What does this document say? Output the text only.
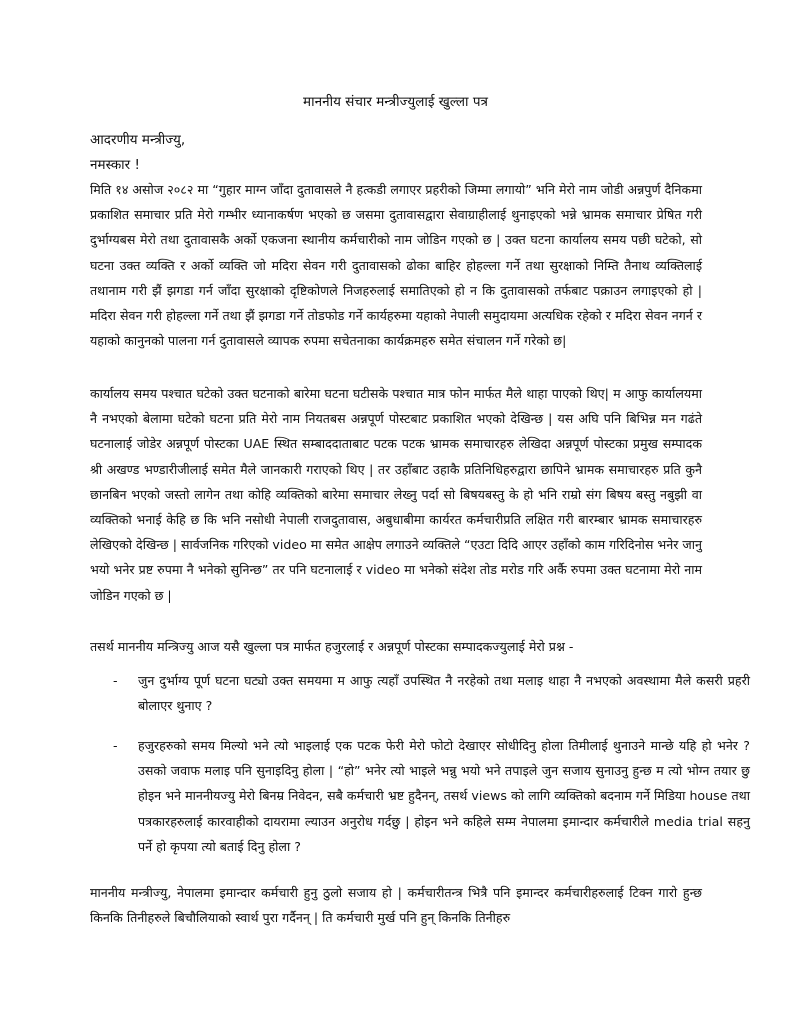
माननीय संचार मन्त्रीज्युलाई खुल्ला पत्र
आदरणीय मन्त्रीज्यु,
नमस्कार !
मिति १४ असोज २०८२ मा “गुहार माग्न जाँदा दुतावासले नै हत्कडी लगाएर प्रहरीको जिम्मा लगायो” भनि मेरो नाम जोडी अन्नपुर्ण दैनिकमा प्रकाशित समाचार प्रति मेरो गम्भीर ध्यानाकर्षण भएको छ जसमा दुतावासद्वारा सेवाग्राहीलाई थुनाइएको भन्ने भ्रामक समाचार प्रेषित गरी दुर्भाग्यबस मेरो तथा दुतावासकै अर्को एकजना स्थानीय कर्मचारीको नाम जोडिन गएको छ | उक्त घटना कार्यालय समय पछी घटेको, सो घटना उक्त व्यक्ति र अर्को व्यक्ति जो मदिरा सेवन गरी दुतावासको ढोका बाहिर होहल्ला गर्ने तथा सुरक्षाको निम्ति तैनाथ व्यक्तिलाई तथानाम गरी झैं झगडा गर्न जाँदा सुरक्षाको दृष्टिकोणले निजहरुलाई समातिएको हो न कि दुतावासको तर्फबाट पक्राउन लगाइएको हो | मदिरा सेवन गरी होहल्ला गर्ने तथा झैं झगडा गर्ने तोडफोड गर्ने कार्यहरुमा यहाको नेपाली समुदायमा अत्यधिक रहेको र मदिरा सेवन नगर्न र यहाको कानुनको पालना गर्न दुतावासले व्यापक रुपमा सचेतनाका कार्यक्रमहरु समेत संचालन गर्ने गरेको छ|
कार्यालय समय पश्चात घटेको उक्त घटनाको बारेमा घटना घटीसके पश्चात मात्र फोन मार्फत मैले थाहा पाएको थिए| म आफु कार्यालयमा नै नभएको बेलामा घटेको घटना प्रति मेरो नाम नियतबस अन्नपूर्ण पोस्टबाट प्रकाशित भएको देखिन्छ | यस अघि पनि बिभिन्न मन गढंते घटनालाई जोडेर अन्नपूर्ण पोस्टका UAE स्थित सम्बाददाताबाट पटक पटक भ्रामक समाचारहरु लेखिदा अन्नपूर्ण पोस्टका प्रमुख सम्पादक श्री अखण्ड भण्डारीजीलाई समेत मैले जानकारी गराएको थिए | तर उहाँबाट उहाकै प्रतिनिधिहरुद्वारा छापिने भ्रामक समाचारहरु प्रति कुनै छानबिन भएको जस्तो लागेन तथा कोहि व्यक्तिको बारेमा समाचार लेख्नु पर्दा सो बिषयबस्तु के हो भनि राम्रो संग बिषय बस्तु नबुझी वा व्यक्तिको भनाई केहि छ कि भनि नसोधी नेपाली राजदुतावास, अबुधाबीमा कार्यरत कर्मचारीप्रति लक्षित गरी बारम्बार भ्रामक समाचारहरु लेखिएको देखिन्छ | सार्वजनिक गरिएको video मा समेत आक्षेप लगाउने व्यक्तिले “एउटा दिदि आएर उहाँको काम गरिदिनोस भनेर जानु भयो भनेर प्रष्ट रुपमा नै भनेको सुनिन्छ” तर पनि घटनालाई र video मा भनेको संदेश तोड मरोड गरि अर्कै रुपमा उक्त घटनामा मेरो नाम जोडिन गएको छ |
तसर्थ माननीय मन्त्रिज्यु आज यसै खुल्ला पत्र मार्फत हजुरलाई र अन्नपूर्ण पोस्टका सम्पादकज्युलाई मेरो प्रश्न -
- जुन दुर्भाग्य पूर्ण घटना घट्यो उक्त समयमा म आफु त्यहाँ उपस्थित नै नरहेको तथा मलाइ थाहा नै नभएको अवस्थामा मैले कसरी प्रहरी बोलाएर थुनाए ?
- हजुरहरुको समय मिल्यो भने त्यो भाइलाई एक पटक फेरी मेरो फोटो देखाएर सोधीदिनु होला तिमीलाई थुनाउने मान्छे यहि हो भनेर ? उसको जवाफ मलाइ पनि सुनाइदिनु होला | “हो” भनेर त्यो भाइले भन्नु भयो भने तपाइले जुन सजाय सुनाउनु हुन्छ म त्यो भोग्न तयार छु होइन भने माननीयज्यु मेरो बिनम्र निवेदन, सबै कर्मचारी भ्रष्ट हुदैनन्, तसर्थ views को लागि व्यक्तिको बदनाम गर्ने मिडिया house तथा पत्रकारहरुलाई कारवाहीको दायरामा ल्याउन अनुरोध गर्दछु | होइन भने कहिले सम्म नेपालमा इमान्दार कर्मचारीले media trial सहनु पर्ने हो कृपया त्यो बताई दिनु होला ?
माननीय मन्त्रीज्यु, नेपालमा इमान्दार कर्मचारी हुनु ठुलो सजाय हो | कर्मचारीतन्त्र भित्रै पनि इमान्दर कर्मचारीहरुलाई टिक्न गारो हुन्छ किनकि तिनीहरुले बिचौलियाको स्वार्थ पुरा गर्दैनन् | ति कर्मचारी मुर्ख पनि हुन् किनकि तिनीहरु
